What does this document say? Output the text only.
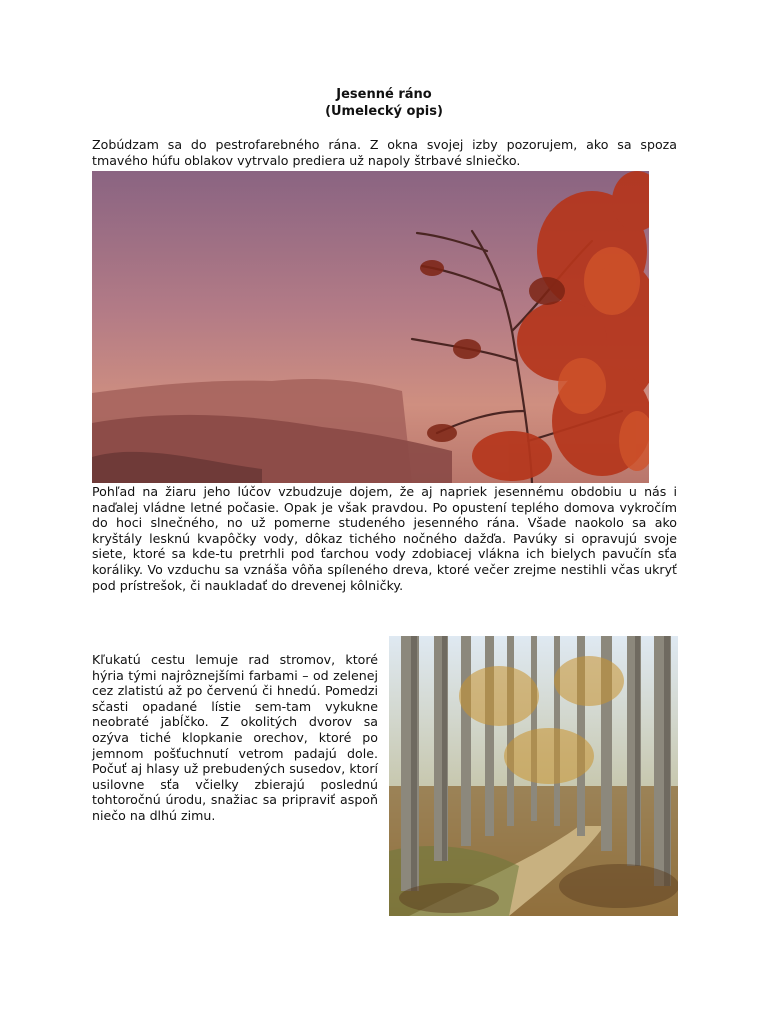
Jesenné ráno
(Umelecký opis)

Zobúdzam sa do pestrofarebného rána. Z okna svojej izby pozorujem, ako sa spoza tmavého húfu oblakov vytrvalo prediera už napoly štrbavé slniečko.

Pohľad na žiaru jeho lúčov vzbudzuje dojem, že aj napriek jesennému obdobiu u nás i naďalej vládne letné počasie. Opak je však pravdou. Po opustení teplého domova vykročím do hoci slnečného, no už pomerne studeného jesenného rána. Všade naokolo sa ako kryštály lesknú kvapôčky vody, dôkaz tichého nočného dažďa. Pavúky si opravujú svoje siete, ktoré sa kde-tu pretrhli pod ťarchou vody zdobiacej vlákna ich bielych pavučín sťa koráliky. Vo vzduchu sa vznáša vôňa spíleného dreva, ktoré večer zrejme nestihli včas ukryť pod prístrešok, či naukladať do drevenej kôlničky.

Kľukatú cestu lemuje rad stromov, ktoré hýria tými najrôznejšími farbami – od zelenej cez zlatistú až po červenú či hnedú. Pomedzi sčasti opadané lístie sem-tam vykukne neobraté jabĺčko. Z okolitých dvorov sa ozýva tiché klopkanie orechov, ktoré po jemnom pošťuchnutí vetrom padajú dole. Počuť aj hlasy už prebudených susedov, ktorí usilovne sťa včielky zbierajú poslednú tohtoročnú úrodu, snažiac sa pripraviť aspoň niečo na dlhú zimu.
